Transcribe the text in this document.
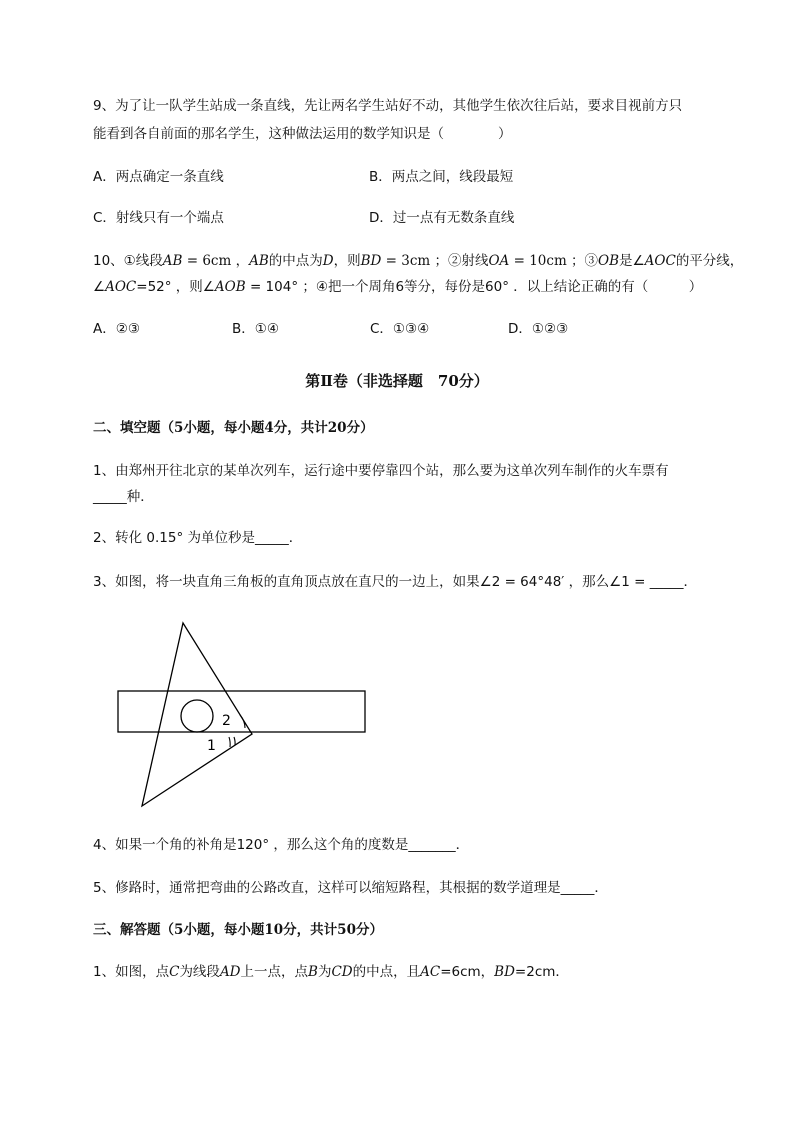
9、为了让一队学生站成一条直线，先让两名学生站好不动，其他学生依次往后站，要求目视前方只
能看到各自前面的那名学生，这种做法运用的数学知识是（　　　　）
A．两点确定一条直线	B．两点之间，线段最短
C．射线只有一个端点	D．过一点有无数条直线
10、①线段AB = 6cm ，AB的中点为D，则BD = 3cm ；②射线OA = 10cm ；③OB是∠AOC的平分线，
∠AOC=52° ，则∠AOB = 104° ；④把一个周角6等分，每份是60° ．以上结论正确的有（　　　）
A．②③	B．①④	C．①③④	D．①②③
第Ⅱ卷（非选择题　70分）
二、填空题（5小题，每小题4分，共计20分）
1、由郑州开往北京的某单次列车，运行途中要停靠四个站，那么要为这单次列车制作的火车票有
_____种．
2、转化 0.15° 为单位秒是_____．
3、如图，将一块直角三角板的直角顶点放在直尺的一边上，如果∠2 = 64°48′ ，那么∠1 = _____．
2
1
4、如果一个角的补角是120° ，那么这个角的度数是_______．
5、修路时，通常把弯曲的公路改直，这样可以缩短路程，其根据的数学道理是_____．
三、解答题（5小题，每小题10分，共计50分）
1、如图，点C为线段AD上一点，点B为CD的中点，且AC=6cm，BD=2cm．
